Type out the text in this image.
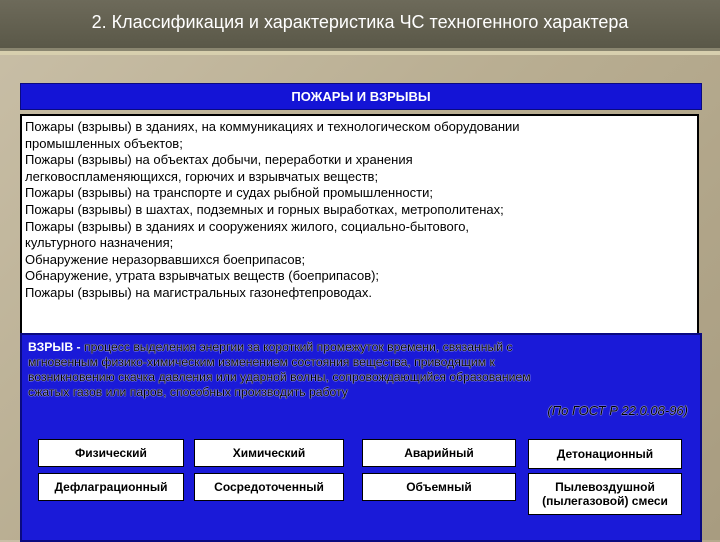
2. Классификация и характеристика ЧС техногенного характера
ПОЖАРЫ И ВЗРЫВЫ
Пожары (взрывы) в зданиях, на коммуникациях и технологическом оборудовании
промышленных объектов;
Пожары (взрывы) на объектах добычи, переработки и хранения
легковоспламеняющихся, горючих и взрывчатых веществ;
Пожары (взрывы) на транспорте и судах рыбной промышленности;
Пожары (взрывы) в шахтах, подземных и горных выработках, метрополитенах;
Пожары (взрывы) в зданиях и сооружениях жилого, социально-бытового,
культурного назначения;
Обнаружение неразорвавшихся боеприпасов;
Обнаружение, утрата взрывчатых веществ (боеприпасов);
Пожары (взрывы) на магистральных газонефтепроводах.
ВЗРЫВ - процесс выделения энергии за короткий промежуток времени, связанный с
мгновенным физико-химическим изменением состояния вещества, приводящим к
возникновению скачка давления или ударной волны, сопровождающийся образованием
сжатых газов или паров, способных производить работу
(По ГОСТ Р 22.0.08-96)
Физический	Химический	Аварийный	Детонационный
Дефлаграционный	Сосредоточенный	Объемный	Пылевоздушной
(пылегазовой) смеси
